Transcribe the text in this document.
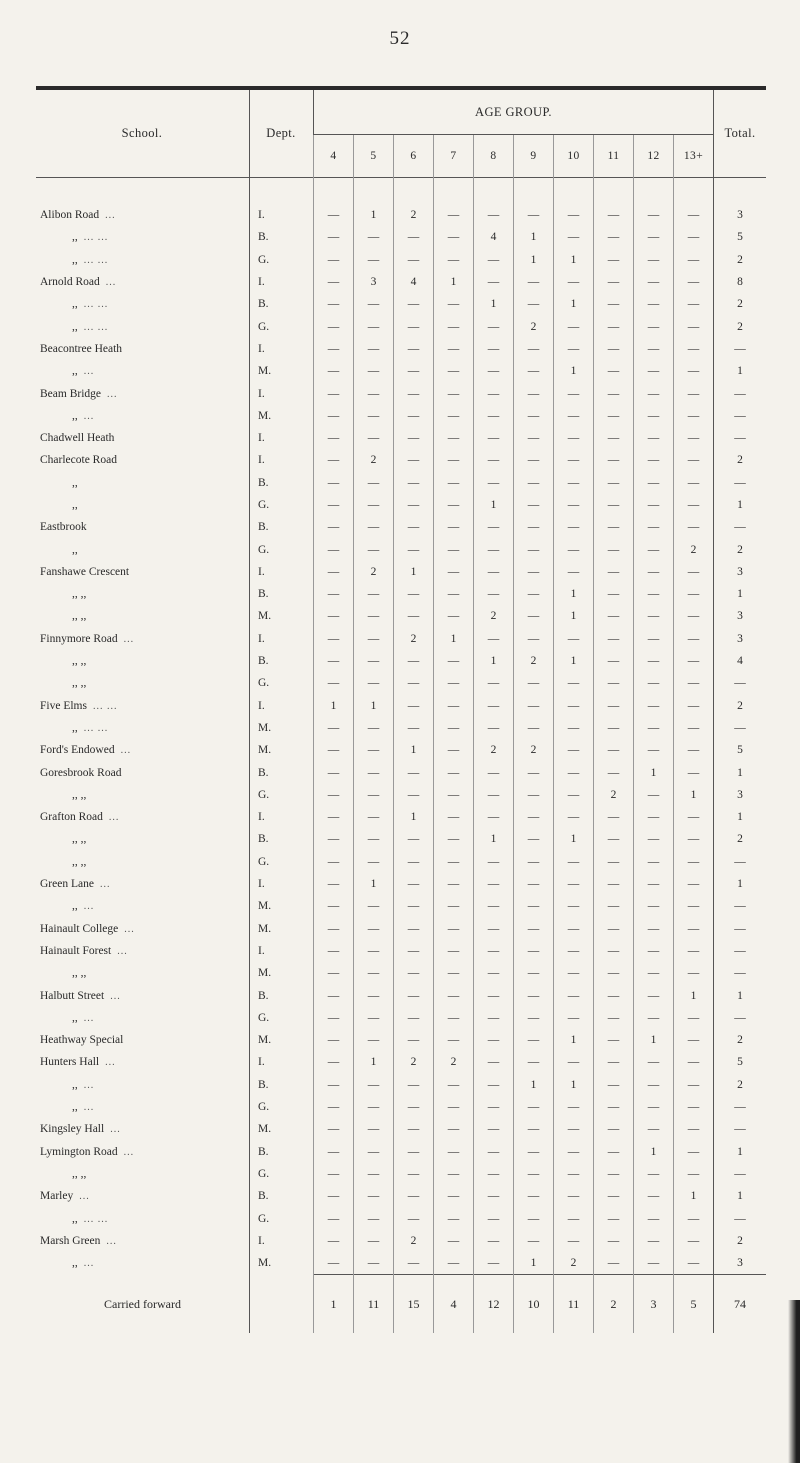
52
School.	Dept.	AGE GROUP.										Total.
		4	5	6	7	8	9	10	11	12	13+	

Alibon Road ...	I.	—	1	2	—	—	—	—	—	—	—	3
,, ... ...	B.	—	—	—	—	4	1	—	—	—	—	5
,, ... ...	G.	—	—	—	—	—	1	1	—	—	—	2
Arnold Road ...	I.	—	3	4	1	—	—	—	—	—	—	8
,, ... ...	B.	—	—	—	—	1	—	1	—	—	—	2
,, ... ...	G.	—	—	—	—	—	2	—	—	—	—	2
Beacontree Heath	I.	—	—	—	—	—	—	—	—	—	—	—
,, ...	M.	—	—	—	—	—	—	1	—	—	—	1
Beam Bridge ...	I.	—	—	—	—	—	—	—	—	—	—	—
,, ...	M.	—	—	—	—	—	—	—	—	—	—	—
Chadwell Heath	I.	—	—	—	—	—	—	—	—	—	—	—
Charlecote Road	I.	—	2	—	—	—	—	—	—	—	—	2
,,	B.	—	—	—	—	—	—	—	—	—	—	—
,,	G.	—	—	—	—	1	—	—	—	—	—	1
Eastbrook	B.	—	—	—	—	—	—	—	—	—	—	—
,,	G.	—	—	—	—	—	—	—	—	—	2	2
Fanshawe Crescent	I.	—	2	1	—	—	—	—	—	—	—	3
,, ,,	B.	—	—	—	—	—	—	1	—	—	—	1
,, ,,	M.	—	—	—	—	2	—	1	—	—	—	3
Finnymore Road ...	I.	—	—	2	1	—	—	—	—	—	—	3
,, ,,	B.	—	—	—	—	1	2	1	—	—	—	4
,, ,,	G.	—	—	—	—	—	—	—	—	—	—	—
Five Elms ... ...	I.	1	1	—	—	—	—	—	—	—	—	2
,, ... ...	M.	—	—	—	—	—	—	—	—	—	—	—
Ford's Endowed ...	M.	—	—	1	—	2	2	—	—	—	—	5
Goresbrook Road	B.	—	—	—	—	—	—	—	—	1	—	1
,, ,,	G.	—	—	—	—	—	—	—	2	—	1	3
Grafton Road ...	I.	—	—	1	—	—	—	—	—	—	—	1
,, ,,	B.	—	—	—	—	1	—	1	—	—	—	2
,, ,,	G.	—	—	—	—	—	—	—	—	—	—	—
Green Lane ...	I.	—	1	—	—	—	—	—	—	—	—	1
,, ...	M.	—	—	—	—	—	—	—	—	—	—	—
Hainault College ...	M.	—	—	—	—	—	—	—	—	—	—	—
Hainault Forest ...	I.	—	—	—	—	—	—	—	—	—	—	—
,, ,,	M.	—	—	—	—	—	—	—	—	—	—	—
Halbutt Street ...	B.	—	—	—	—	—	—	—	—	—	1	1
,, ...	G.	—	—	—	—	—	—	—	—	—	—	—
Heathway Special	M.	—	—	—	—	—	—	1	—	1	—	2
Hunters Hall ...	I.	—	1	2	2	—	—	—	—	—	—	5
,, ...	B.	—	—	—	—	—	1	1	—	—	—	2
,, ...	G.	—	—	—	—	—	—	—	—	—	—	—
Kingsley Hall ...	M.	—	—	—	—	—	—	—	—	—	—	—
Lymington Road ...	B.	—	—	—	—	—	—	—	—	1	—	1
,, ,,	G.	—	—	—	—	—	—	—	—	—	—	—
Marley ...	B.	—	—	—	—	—	—	—	—	—	1	1
,, ... ...	G.	—	—	—	—	—	—	—	—	—	—	—
Marsh Green ...	I.	—	—	2	—	—	—	—	—	—	—	2
,, ...	M.	—	—	—	—	—	1	2	—	—	—	3
Carried forward		1	11	15	4	12	10	11	2	3	5	74
